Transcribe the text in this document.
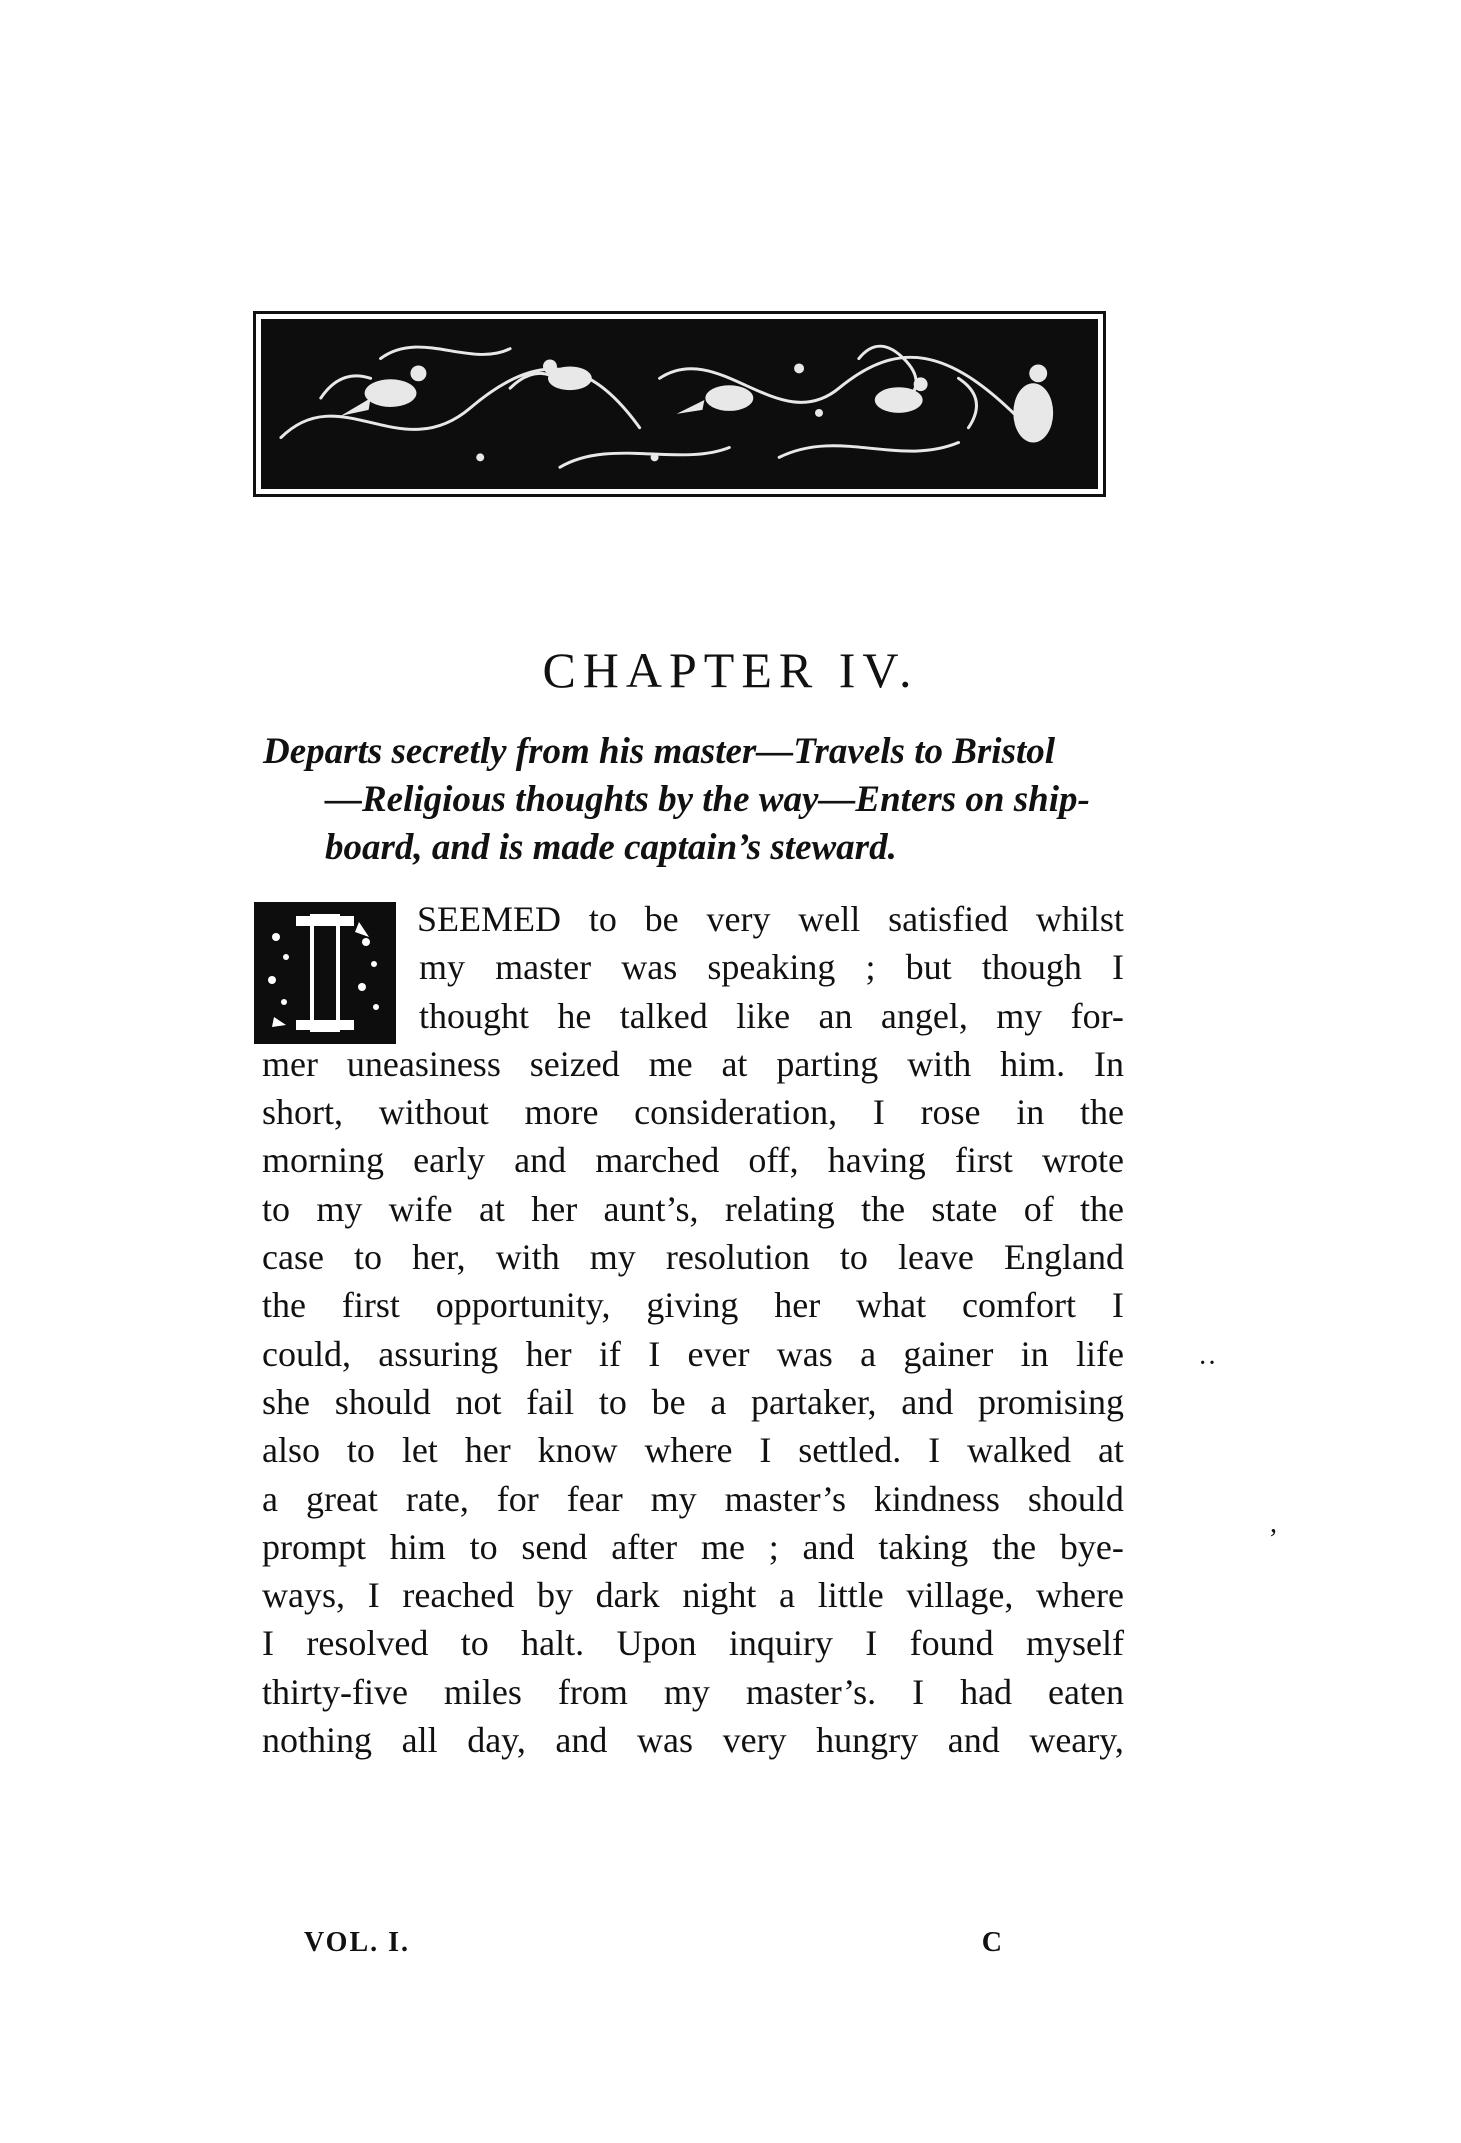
CHAPTER IV.
Departs secretly from his master—Travels to Bristol
—Religious thoughts by the way—Enters on ship-
board, and is made captain’s steward.
SEEMED to be very well satisfied whilst
my master was speaking ; but though I
thought he talked like an angel, my for-
mer uneasiness seized me at parting with him. In
short, without more consideration, I rose in the
morning early and marched off, having first wrote
to my wife at her aunt’s, relating the state of the
case to her, with my resolution to leave England
the first opportunity, giving her what comfort I
could, assuring her if I ever was a gainer in life
she should not fail to be a partaker, and promising
also to let her know where I settled. I walked at
a great rate, for fear my master’s kindness should
prompt him to send after me ; and taking the bye-
ways, I reached by dark night a little village, where
I resolved to halt. Upon inquiry I found myself
thirty-five miles from my master’s. I had eaten
nothing all day, and was very hungry and weary,
VOL. I.	C
··
,
